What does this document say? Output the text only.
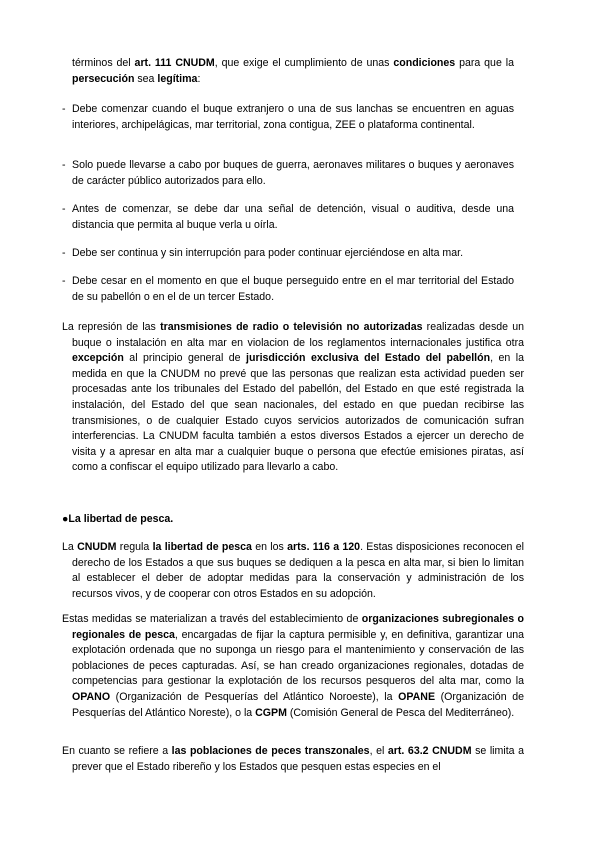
términos del art. 111 CNUDM, que exige el cumplimiento de unas condiciones para que la persecución sea legítima:

- Debe comenzar cuando el buque extranjero o una de sus lanchas se encuentren en aguas interiores, archipelágicas, mar territorial, zona contigua, ZEE o plataforma continental.
- Solo puede llevarse a cabo por buques de guerra, aeronaves militares o buques y aeronaves de carácter público autorizados para ello.
- Antes de comenzar, se debe dar una señal de detención, visual o auditiva, desde una distancia que permita al buque verla u oírla.
- Debe ser continua y sin interrupción para poder continuar ejerciéndose en alta mar.
- Debe cesar en el momento en que el buque perseguido entre en el mar territorial del Estado de su pabellón o en el de un tercer Estado.

La represión de las transmisiones de radio o televisión no autorizadas realizadas desde un buque o instalación en alta mar en violacion de los reglamentos internacionales justifica otra excepción al principio general de jurisdicción exclusiva del Estado del pabellón, en la medida en que la CNUDM no prevé que las personas que realizan esta actividad pueden ser procesadas ante los tribunales del Estado del pabellón, del Estado en que esté registrada la instalación, del Estado del que sean nacionales, del estado en que puedan recibirse las transmisiones, o de cualquier Estado cuyos servicios autorizados de comunicación sufran interferencias. La CNUDM faculta también a estos diversos Estados a ejercer un derecho de visita y a apresar en alta mar a cualquier buque o persona que efectúe emisiones piratas, así como a confiscar el equipo utilizado para llevarlo a cabo.

●La libertad de pesca.

La CNUDM regula la libertad de pesca en los arts. 116 a 120. Estas disposiciones reconocen el derecho de los Estados a que sus buques se dediquen a la pesca en alta mar, si bien lo limitan al establecer el deber de adoptar medidas para la conservación y administración de los recursos vivos, y de cooperar con otros Estados en su adopción.

Estas medidas se materializan a través del establecimiento de organizaciones subregionales o regionales de pesca, encargadas de fijar la captura permisible y, en definitiva, garantizar una explotación ordenada que no suponga un riesgo para el mantenimiento y conservación de las poblaciones de peces capturadas. Así, se han creado organizaciones regionales, dotadas de competencias para gestionar la explotación de los recursos pesqueros del alta mar, como la OPANO (Organización de Pesquerías del Atlántico Noroeste), la OPANE (Organización de Pesquerías del Atlántico Noreste), o la CGPM (Comisión General de Pesca del Mediterráneo).

En cuanto se refiere a las poblaciones de peces transzonales, el art. 63.2 CNUDM se limita a prever que el Estado ribereño y los Estados que pesquen estas especies en el
